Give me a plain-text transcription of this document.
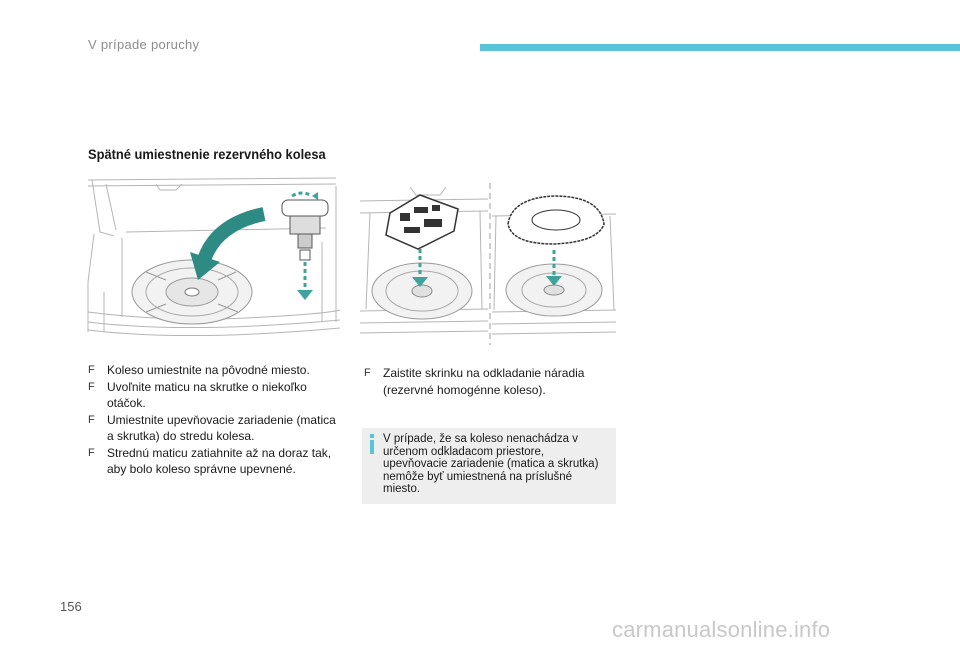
V prípade poruchy
Spätné umiestnenie rezervného kolesa
F Koleso umiestnite na pôvodné miesto.
F Uvoľnite maticu na skrutke o niekoľko otáčok.
F Umiestnite upevňovacie zariadenie (matica a skrutka) do stredu kolesa.
F Strednú maticu zatiahnite až na doraz tak, aby bolo koleso správne upevnené.
F Zaistite skrinku na odkladanie náradia (rezervné homogénne koleso).
V prípade, že sa koleso nenachádza v určenom odkladacom priestore, upevňovacie zariadenie (matica a skrutka) nemôže byť umiestnená na príslušné miesto.
156
carmanualsonline.info
